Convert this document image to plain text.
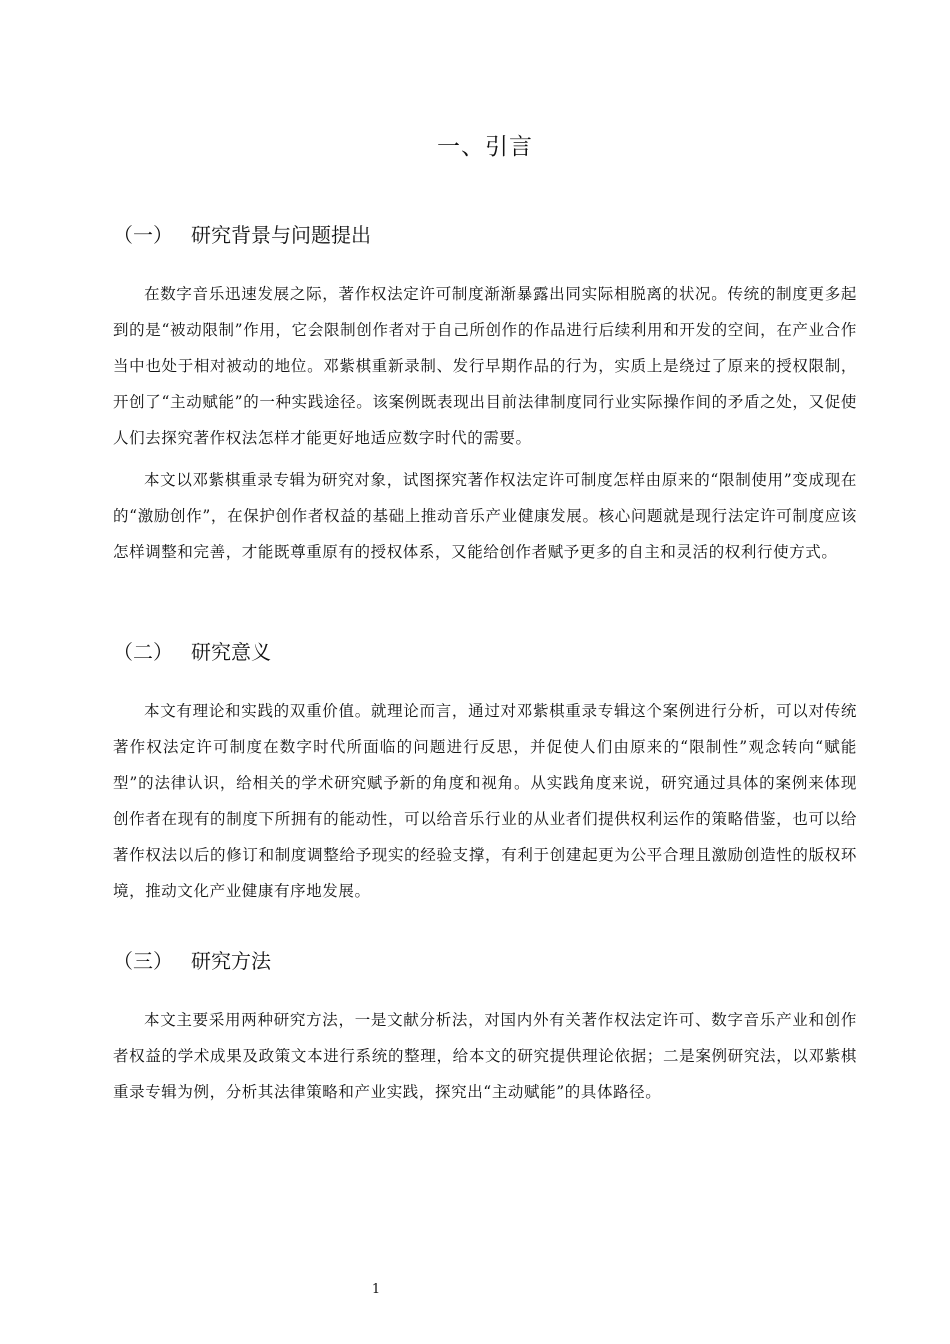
一、引言
（一） 研究背景与问题提出

在数字音乐迅速发展之际，著作权法定许可制度渐渐暴露出同实际相脱离的状况。传统的制度更多起到的是“被动限制”作用，它会限制创作者对于自己所创作的作品进行后续利用和开发的空间，在产业合作当中也处于相对被动的地位。邓紫棋重新录制、发行早期作品的行为，实质上是绕过了原来的授权限制，开创了“主动赋能”的一种实践途径。该案例既表现出目前法律制度同行业实际操作间的矛盾之处，又促使人们去探究著作权法怎样才能更好地适应数字时代的需要。

本文以邓紫棋重录专辑为研究对象，试图探究著作权法定许可制度怎样由原来的“限制使用”变成现在的“激励创作”，在保护创作者权益的基础上推动音乐产业健康发展。核心问题就是现行法定许可制度应该怎样调整和完善，才能既尊重原有的授权体系，又能给创作者赋予更多的自主和灵活的权利行使方式。

（二） 研究意义

本文有理论和实践的双重价值。就理论而言，通过对邓紫棋重录专辑这个案例进行分析，可以对传统著作权法定许可制度在数字时代所面临的问题进行反思，并促使人们由原来的“限制性”观念转向“赋能型”的法律认识，给相关的学术研究赋予新的角度和视角。从实践角度来说，研究通过具体的案例来体现创作者在现有的制度下所拥有的能动性，可以给音乐行业的从业者们提供权利运作的策略借鉴，也可以给著作权法以后的修订和制度调整给予现实的经验支撑，有利于创建起更为公平合理且激励创造性的版权环境，推动文化产业健康有序地发展。

（三） 研究方法

本文主要采用两种研究方法，一是文献分析法，对国内外有关著作权法定许可、数字音乐产业和创作者权益的学术成果及政策文本进行系统的整理，给本文的研究提供理论依据；二是案例研究法，以邓紫棋重录专辑为例，分析其法律策略和产业实践，探究出“主动赋能”的具体路径。

1
